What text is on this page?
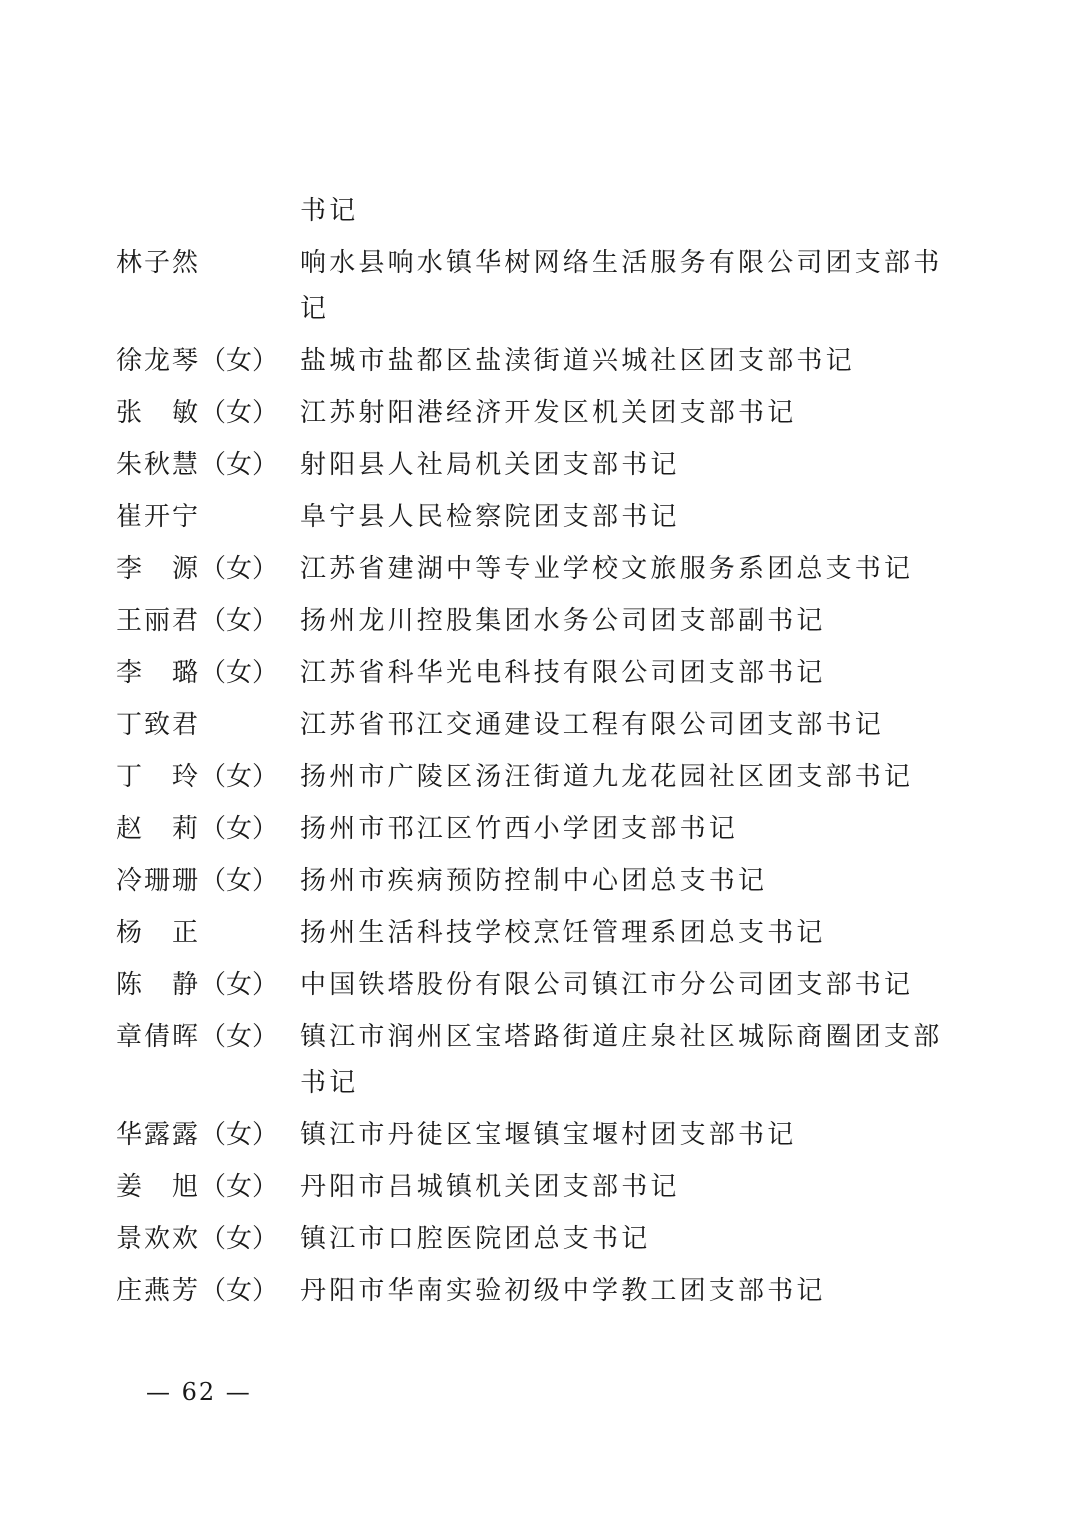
书记
林子然	响水县响水镇华树网络生活服务有限公司团支部书记
徐龙琴（女） 盐城市盐都区盐渎街道兴城社区团支部书记
张　敏（女） 江苏射阳港经济开发区机关团支部书记
朱秋慧（女） 射阳县人社局机关团支部书记
崔开宁	阜宁县人民检察院团支部书记
李　源（女） 江苏省建湖中等专业学校文旅服务系团总支书记
王丽君（女） 扬州龙川控股集团水务公司团支部副书记
李　璐（女） 江苏省科华光电科技有限公司团支部书记
丁致君	江苏省邗江交通建设工程有限公司团支部书记
丁　玲（女） 扬州市广陵区汤汪街道九龙花园社区团支部书记
赵　莉（女） 扬州市邗江区竹西小学团支部书记
冷珊珊（女） 扬州市疾病预防控制中心团总支书记
杨　正	扬州生活科技学校烹饪管理系团总支书记
陈　静（女） 中国铁塔股份有限公司镇江市分公司团支部书记
章倩晖（女） 镇江市润州区宝塔路街道庄泉社区城际商圈团支部书记
华露露（女） 镇江市丹徒区宝堰镇宝堰村团支部书记
姜　旭（女） 丹阳市吕城镇机关团支部书记
景欢欢（女） 镇江市口腔医院团总支书记
庄燕芳（女） 丹阳市华南实验初级中学教工团支部书记
— 62 —
